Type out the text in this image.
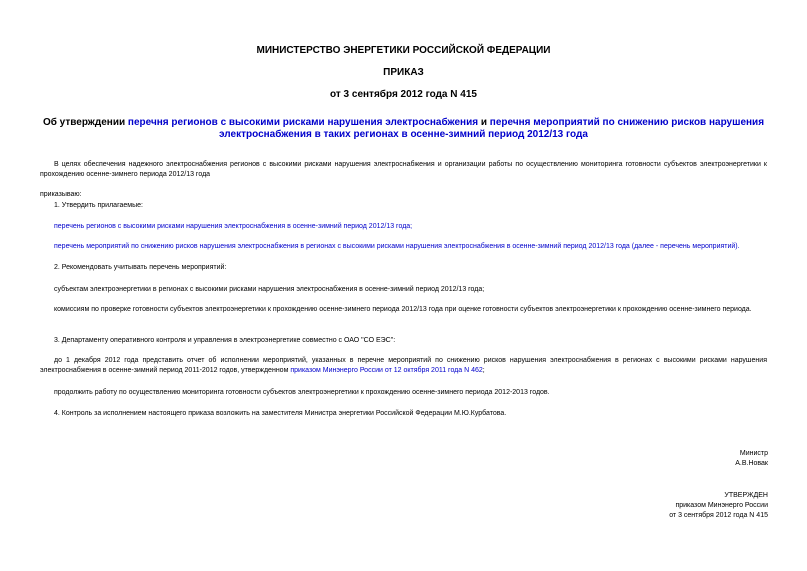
МИНИСТЕРСТВО ЭНЕРГЕТИКИ РОССИЙСКОЙ ФЕДЕРАЦИИ
ПРИКАЗ
от 3 сентября 2012 года N 415
Об утверждении перечня регионов с высокими рисками нарушения электроснабжения и перечня мероприятий по снижению рисков нарушения электроснабжения в таких регионах в осенне-зимний период 2012/13 года
В целях обеспечения надежного электроснабжения регионов с высокими рисками нарушения электроснабжения и организации работы по осуществлению мониторинга готовности субъектов электроэнергетики к прохождению осенне-зимнего периода 2012/13 года
приказываю:
1. Утвердить прилагаемые:
перечень регионов с высокими рисками нарушения электроснабжения в осенне-зимний период 2012/13 года;
перечень мероприятий по снижению рисков нарушения электроснабжения в регионах с высокими рисками нарушения электроснабжения в осенне-зимний период 2012/13 года (далее - перечень мероприятий).
2. Рекомендовать учитывать перечень мероприятий:
субъектам электроэнергетики в регионах с высокими рисками нарушения электроснабжения в осенне-зимний период 2012/13 года;
комиссиям по проверке готовности субъектов электроэнергетики к прохождению осенне-зимнего периода 2012/13 года при оценке готовности субъектов электроэнергетики к прохождению осенне-зимнего периода.
3. Департаменту оперативного контроля и управления в электроэнергетике совместно с ОАО "СО ЕЭС":
до 1 декабря 2012 года представить отчет об исполнении мероприятий, указанных в перечне мероприятий по снижению рисков нарушения электроснабжения в регионах с высокими рисками нарушения электроснабжения в осенне-зимний период 2011-2012 годов, утвержденном приказом Минэнерго России от 12 октября 2011 года N 462;
продолжить работу по осуществлению мониторинга готовности субъектов электроэнергетики к прохождению осенне-зимнего периода 2012-2013 годов.
4. Контроль за исполнением настоящего приказа возложить на заместителя Министра энергетики Российской Федерации М.Ю.Курбатова.
Министр
А.В.Новак
УТВЕРЖДЕН
приказом Минэнерго России
от 3 сентября 2012 года N 415
